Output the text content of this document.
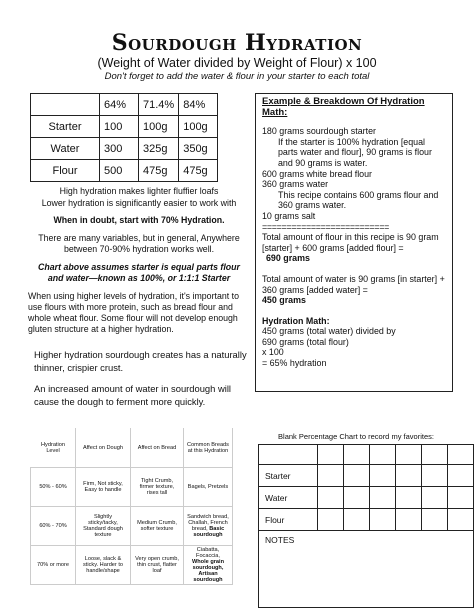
Sourdough Hydration
(Weight of Water divided by Weight of Flour) x 100
Don't forget to add the water & flour in your starter to each total
	64%	71.4%	84%
Starter	100	100g	100g
Water	300	325g	350g
Flour	500	475g	475g
High hydration makes lighter fluffier loafs
Lower hydration is significantly easier to work with
When in doubt, start with 70% Hydration.
There are many variables, but in general, Anywhere between 70-90% hydration works well.
Chart above assumes starter is equal parts flour and water—known as 100%, or 1:1:1 Starter
When using higher levels of hydration, it's important to use flours with more protein, such as bread flour and whole wheat flour. Some flour will not develop enough gluten structure at a higher hydration.
Higher hydration sourdough creates has a naturally thinner, crispier crust.
An increased amount of water in sourdough will cause the dough to ferment more quickly.
Example & Breakdown Of Hydration Math:
180 grams sourdough starter
If the starter is 100% hydration [equal parts water and flour], 90 grams is flour and 90 grams is water.
600 grams white bread flour
360 grams water
This recipe contains 600 grams flour and 360 grams water.
10 grams salt
==========================
Total amount of flour in this recipe is 90 gram [starter] + 600 grams [added flour] =
690 grams
Total amount of water is 90 grams [in starter] + 360 grams [added water] =
450 grams
Hydration Math:
450 grams (total water) divided by
690 grams (total flour)
x 100
= 65% hydration
Hydration Level	Affect on Dough	Affect on Bread	Common Breads at this Hydration
50% - 60%	Firm, Not sticky, Easy to handle	Tight Crumb, firmer texture, rises tall	Bagels, Pretzels
60% - 70%	Slightly sticky/tacky, Standard dough texture	Medium Crumb, softer texture	Sandwich bread, Challah, French bread, Basic sourdough
70% or more	Loose, slack & sticky. Harder to handle/shape	Very open crumb, thin crust, flatter loaf	Ciabatta, Focaccia, Whole grain sourdough, Artisan sourdough
Blank Percentage Chart to record my favorites:

Starter						
Water						
Flour						
NOTES						
